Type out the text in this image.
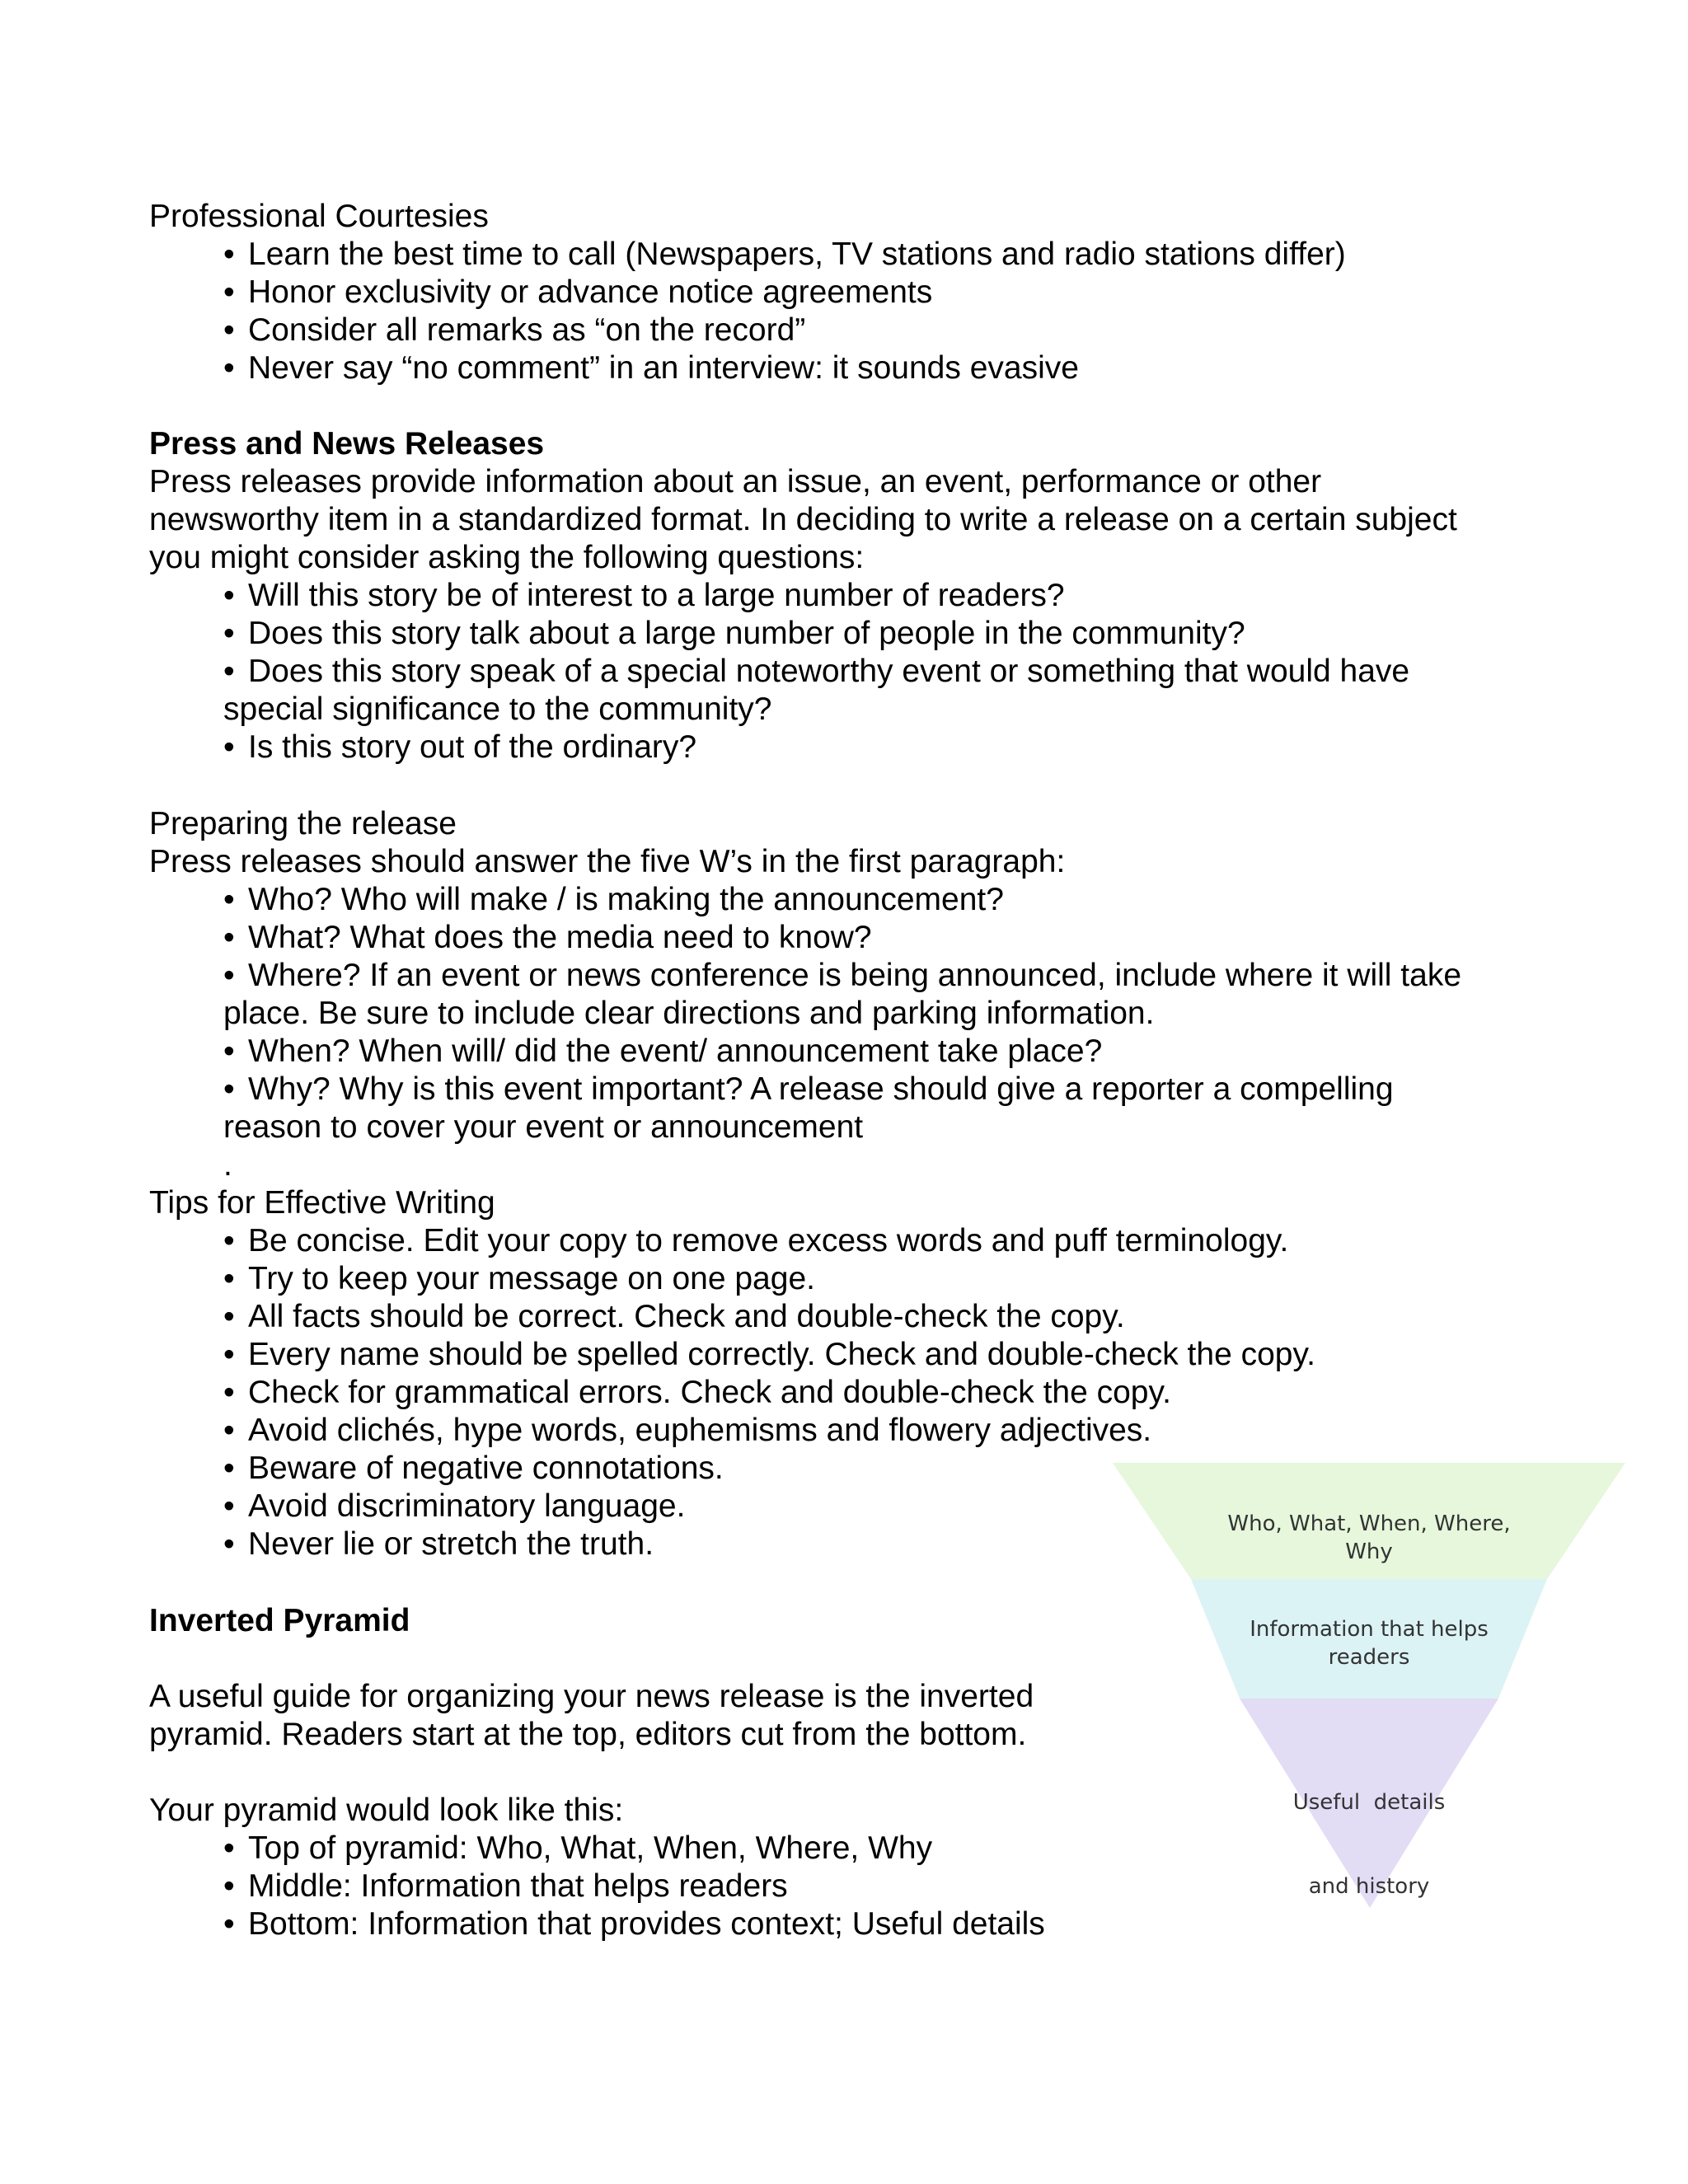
Professional Courtesies
• Learn the best time to call (Newspapers, TV stations and radio stations differ)
• Honor exclusivity or advance notice agreements
• Consider all remarks as “on the record”
• Never say “no comment” in an interview: it sounds evasive
Press and News Releases
Press releases provide information about an issue, an event, performance or other
newsworthy item in a standardized format. In deciding to write a release on a certain subject
you might consider asking the following questions:
• Will this story be of interest to a large number of readers?
• Does this story talk about a large number of people in the community?
• Does this story speak of a special noteworthy event or something that would have
special significance to the community?
• Is this story out of the ordinary?
Preparing the release
Press releases should answer the five W’s in the first paragraph:
• Who? Who will make / is making the announcement?
• What? What does the media need to know?
• Where? If an event or news conference is being announced, include where it will take
place. Be sure to include clear directions and parking information.
• When? When will/ did the event/ announcement take place?
• Why? Why is this event important? A release should give a reporter a compelling
reason to cover your event or announcement
.
Tips for Effective Writing
• Be concise. Edit your copy to remove excess words and puff terminology.
• Try to keep your message on one page.
• All facts should be correct. Check and double-check the copy.
• Every name should be spelled correctly. Check and double-check the copy.
• Check for grammatical errors. Check and double-check the copy.
• Avoid clichés, hype words, euphemisms and flowery adjectives.
• Beware of negative connotations.
• Avoid discriminatory language.
• Never lie or stretch the truth.
Inverted Pyramid
A useful guide for organizing your news release is the inverted
pyramid. Readers start at the top, editors cut from the bottom.
Your pyramid would look like this:
• Top of pyramid: Who, What, When, Where, Why
• Middle: Information that helps readers
• Bottom: Information that provides context; Useful details
Who, What, When, Where, Why
Information that helps
readers

Useful  details

and history
